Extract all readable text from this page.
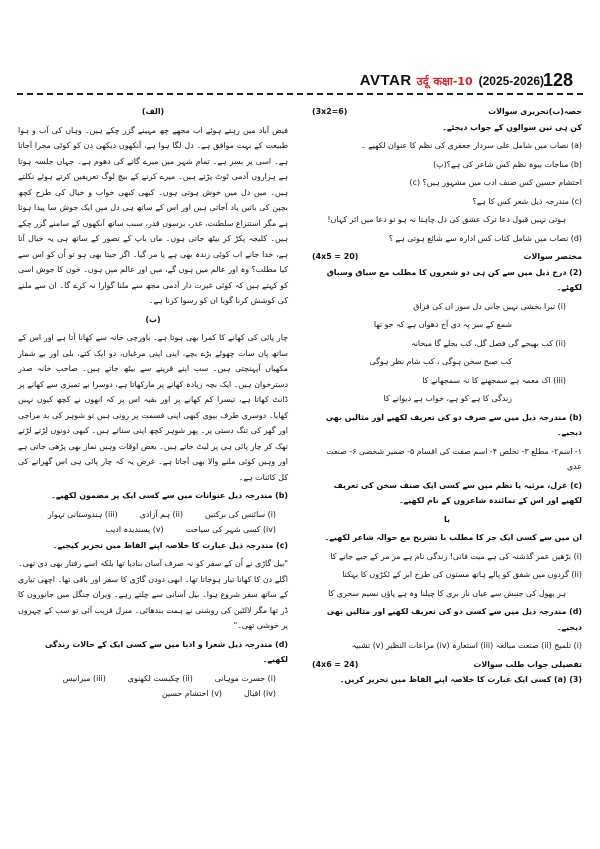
AVTAR उर्दू कक्षा-10 (2025-2026)
128
حصہ(ب)تحریری سوالات
(3x2=6)

کن ہی تین سوالوں کے جواب دیجئے۔

(a) نصاب میں شامل علی سردار جعفری کی نظم کا عنوان لکھیے ۔

(b) مناجات بیوہ نظم کس شاعر کی ہے؟(پ)

احتشام حسین کس صنف ادب میں مشہور ہیں؟ (c)

(c) مندرجہ ذیل شعر کس کا ہے؟

ہوتی نہیں قبول دعا ترک عشق کی دل چاہتا نہ ہو تو دعا میں اثر کہاں!

(d) نصاب میں شامل کتاب کس ادارہ سے شائع ہوتی ہے ؟

مختصر سوالات
(4x5 = 20)

(2) درج ذیل میں سے کن ہی دو شعروں کا مطلب مع سیاق وسباق لکھئے۔

(i) تیرا بخشی نہیں جانی دل سوز اں کی فراق

شمع کے سر پہ دی آج دھواں ہے کہ جو تھا

(ii) کب بھیجے گی فصل گل، کب بجلے گا میخانہ

کب صبح سخن ہوگی ، کب شام نظر ہوگی

(iii) اک معمہ ہے سمجھنے کا نہ سمجھانے کا

زندگی کا ہے کو ہے، خواب ہے دیوانے کا

(b) مندرجہ ذیل میں سے صرف دو کی تعریف لکھیے اور مثالیں بھی دیجیے۔

۱- اسم۲- مطلع ۳- تخلص ۴- اسم صفت کی اقسام ۵- ضمیر شخصی ۶- صنعت عدی

(c) غزل، مرثیہ یا نظم میں سے کسی ایک صنف سخن کی تعریف لکھیے اور اس کے نمائندہ شاعروں کے نام لکھیے۔

یا

ان میں سے کسی ایک جز کا مطلب با تشریح مع حوالہ شاعر لکھیے۔

(i) بڑھیں عمر گذشتہ کی ہے میت فانی! زندگی نام ہے مر مر کے جیے جانے کا

(ii) گردوں میں شفق کو پالے ہاتھ مستوں کی طرح ابر کے ٹکڑوں کا بہکنا

ہر پھول کی جنبش سے عیاں ناز بری کا چیلنا وہ ہے پاؤں نسیم سحری کا

(d) مندرجہ ذیل میں سے کسی دو کی تعریف لکھیے اور مثالیں بھی دیجیے۔

(i) تلمیح (ii) صنعت مبالغہ (iii) استعارہ (iv) مراعات النظیر (v) تشبیہ

تفصیلی جواب طلب سوالات
(4x6 = 24)

(3) (a) کسی ایک عبارت کا خلاصہ اپنے الفاظ میں تحریر کریں۔

(الف)

فیض آباد میں رہتے ہوئے اب مجھے چھ مہینے گزر چکے ہیں۔ وہاں کی آب و ہوا طبیعت کے بہت موافق ہے۔ دل لگا ہوا ہے، آنکھوں دیکھی دن کو کوئی مجرا آجاتا ہے۔ اسی پر بسر ہے۔ تمام شہر میں میرے گانے کی دھوم ہے۔ جہاں جلسہ ہوتا ہے ہزاروں آدمی ٹوٹ پڑتے ہیں۔ میرے کرنے کے بیچ لوگ تعریفیں کرتے ہوئے نکلتے ہیں۔ میں دل میں خوش ہوتی ہوں۔ کبھی کبھی خواب و خیال کی طرح کچھ بچپن کی باتیں یاد آجاتی ہیں اور اس کے ساتھ ہی دل میں ایک جوش سا پیدا ہوتا ہے مگر استنزاع سلطنت، غدر، برسوں قدر، سبب ساتھ آنکھوں کے سامنے گزر چکے ہیں۔ کلیجہ پکڑ کر بیٹھ جاتی ہوں۔ ماں باپ کے تصور کے ساتھ ہی یہ خیال آتا ہے، خدا جانے اب کوئی زندہ بھی ہے یا مر گیا۔ اگر جیتا بھی ہو تو اُن کو اس سے کیا مطلب؟ وہ اور عالم میں ہوں گے، میں اور عالم میں ہوں۔ خون کا جوش اسی کو کہتے ہیں کہ کوئی غیرت دار آدمی مجھ سے ملنا گوارا نہ کرے گا۔ ان سے ملنے کی کوشش کرنا گویا ان کو رسوا کرنا ہے۔

(ب)

چار پائی کی کھانے کا کمرا بھی ہوتا ہے۔ باورچی خانہ سے کھانا آتا ہے اور اس کے ساتھ پان سات چھوٹے بڑے بچے، اپنی اپنی مرغیاں، دو ایک کتے، بلی اور بے شمار مکھیاں آپہنچتی ہیں۔ سب اپنے قرینے سے بیٹھ جاتے ہیں۔ صاحب خانہ صدر دسترخوان ہیں۔ ایک بچہ زیادہ کھانے پر مارکھاتا ہے، دوسرا بے تمیزی سے کھانے پر ڈانٹ کھاتا ہے، تیسرا کم کھانے پر اور بقیہ اس پر کہ انھوں نے کچھ کیوں نہیں کھایا۔ دوسری طرف بیوی کبھی اپنی قسمت پر روتی ہیں تو شوہر کی بد مزاجی اور گھر کی تنگ دستی پر۔ پھر شوہر کچھ اپنی سناتے ہیں۔ کبھی دونوں لڑتے لڑتے تھک کر چار پائی ہی پر لیٹ جاتے ہیں۔ بعض اوقات وہیں نماز بھی پڑھی جاتی ہے اور وہیں کوئی ملنے والا بھی آجاتا ہے۔ غرض یہ کہ چار پائی ہی اس گھرانے کی کل کائنات ہے۔

(b) مندرجہ ذیل عنوانات میں سے کسی ایک پر مضمون لکھیے۔

(i) سائنس کی برکتیں
(ii) ہم آزادی
(iii) ہندوستانی تہوار
(iv) کسی شہر کی سیاحت
(v) پسندیدہ ادیب

(c) مندرجہ ذیل عبارت کا خلاصہ اپنے الفاظ میں تحریر کیجیے۔

"بیل گاڑی نے اُن کے سفر کو نہ صرف آسان بنادیا تھا بلکہ اسے رفتار بھی دی تھی۔ اگلے دن کا کھانا تیار ہوجاتا تھا۔ ابھی دودن گاڑی کا سفر اور باقی تھا۔ اچھی تیاری کے ساتھ سفر شروع ہوا۔ بیل آسانی سے چلتے رہے۔ ویران جنگل میں جانوروں کا ڈر تھا مگر لالٹین کی روشنی نے ہمت بندھائی۔ منزل قریب آئی تو سب کے چہروں پر خوشی تھی۔"

(d) مندرجہ ذیل شعرا و ادبا میں سے کسی ایک کے حالات زندگی لکھیے۔

(i) حسرت موہانی
(ii) چکبست لکھنوی
(iii) میرانیس
(iv) اقبال
(v) احتشام حسین
